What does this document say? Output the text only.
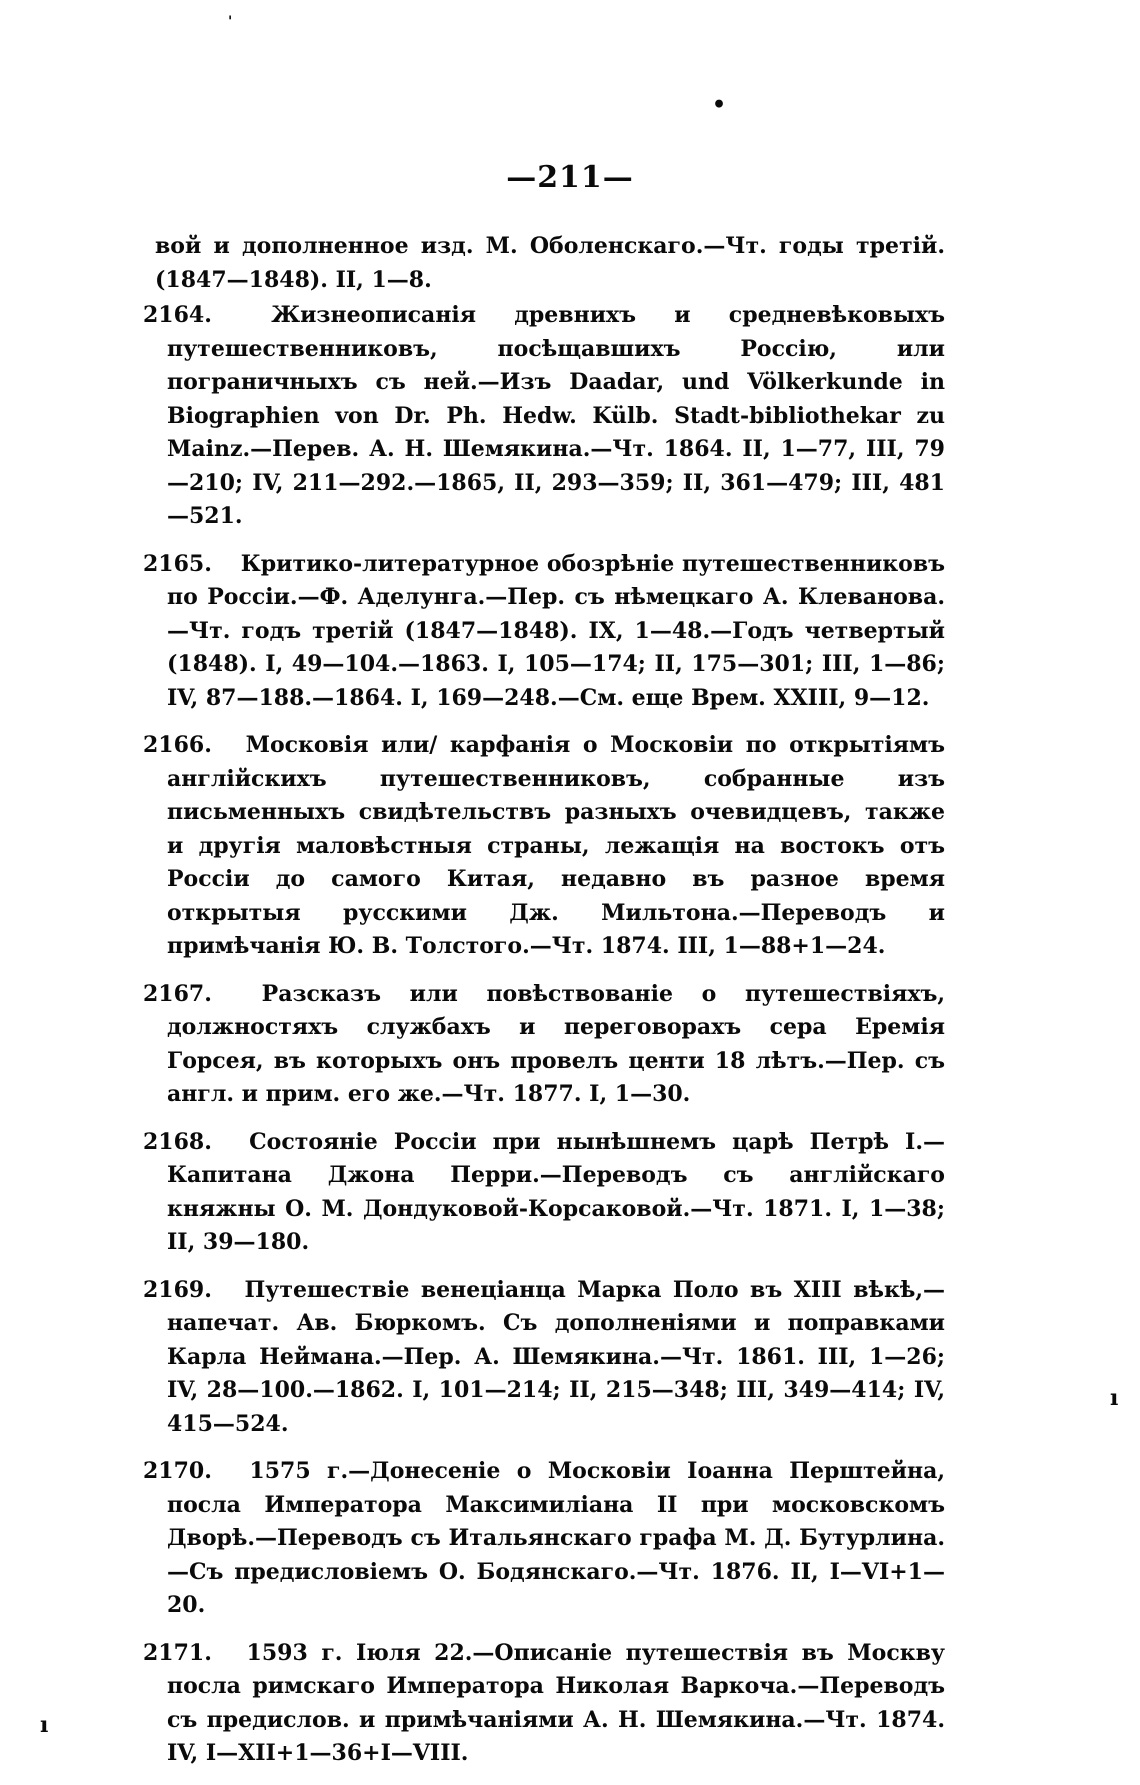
—211—
'
•
ı
ı

вой и дополненное изд. М. Оболенскаго.—Чт. годы третій. (1847—1848). II, 1—8.

2164.	Жизнеописанія древнихъ и средневѣковыхъ путешественниковъ, посѣщавшихъ Россію, или пограничныхъ съ ней.—Изъ Daadar, und Völkerkunde in Biographien von Dr. Ph. Hedw. Külb. Stadt-bibliothekar zu Mainz.—Перев. А. Н. Шемякина.—Чт. 1864. II, 1—77, III, 79—210; IV, 211—292.—1865, II, 293—359; II, 361—479; III, 481—521.

2165. Критико-литературное обозрѣніе путешественниковъ по Россіи.—Ф. Аделунга.—Пер. съ нѣмецкаго А. Клеванова.—Чт. годъ третій (1847—1848). IX, 1—48.—Годъ четвертый (1848). I, 49—104.—1863. I, 105—174; II, 175—301; III, 1—86; IV, 87—188.—1864. I, 169—248.—См. еще Врем. XXIII, 9—12.

2166. Московія или/ карфанія о Московіи по открытіямъ англійскихъ путешественниковъ, собранные изъ письменныхъ свидѣтельствъ разныхъ очевидцевъ, также и другія маловѣстныя страны, лежащія на востокъ отъ Россіи до самого Китая, недавно въ разное время открытыя русскими Дж. Мильтона.—Переводъ и примѣчанія Ю. В. Толстого.—Чт. 1874. III, 1—88+1—24.

2167. Разсказъ или повѣствованіе о путешествіяхъ, должностяхъ службахъ и переговорахъ сера Еремія Горсея, въ которыхъ онъ провелъ центи 18 лѣтъ.—Пер. съ англ. и прим. его же.—Чт. 1877. I, 1—30.

2168. Состояніе Россіи при нынѣшнемъ царѣ Петрѣ I.—Капитана Джона Перри.—Переводъ съ англійскаго княжны О. М. Дондуковой-Корсаковой.—Чт. 1871. I, 1—38; II, 39—180.

2169. Путешествіе венеціанца Марка Поло въ XIII вѣкѣ,—напечат. Ав. Бюркомъ. Съ дополненіями и поправками Карла Неймана.—Пер. А. Шемякина.—Чт. 1861. III, 1—26; IV, 28—100.—1862. I, 101—214; II, 215—348; III, 349—414; IV, 415—524.

2170. 1575 г.—Донесеніе о Московіи Іоанна Перштейна, посла Императора Максимиліана II при московскомъ Дворѣ.—Переводъ съ Итальянскаго графа М. Д. Бутурлина.—Съ предисловіемъ О. Бодянскаго.—Чт. 1876. II, I—VI+1—20.

2171. 1593 г. Іюля 22.—Описаніе путешествія въ Москву посла римскаго Императора Николая Варкоча.—Переводъ съ предислов. и примѣчаніями А. Н. Шемякина.—Чт. 1874. IV, I—XII+1—36+I—VIII.
